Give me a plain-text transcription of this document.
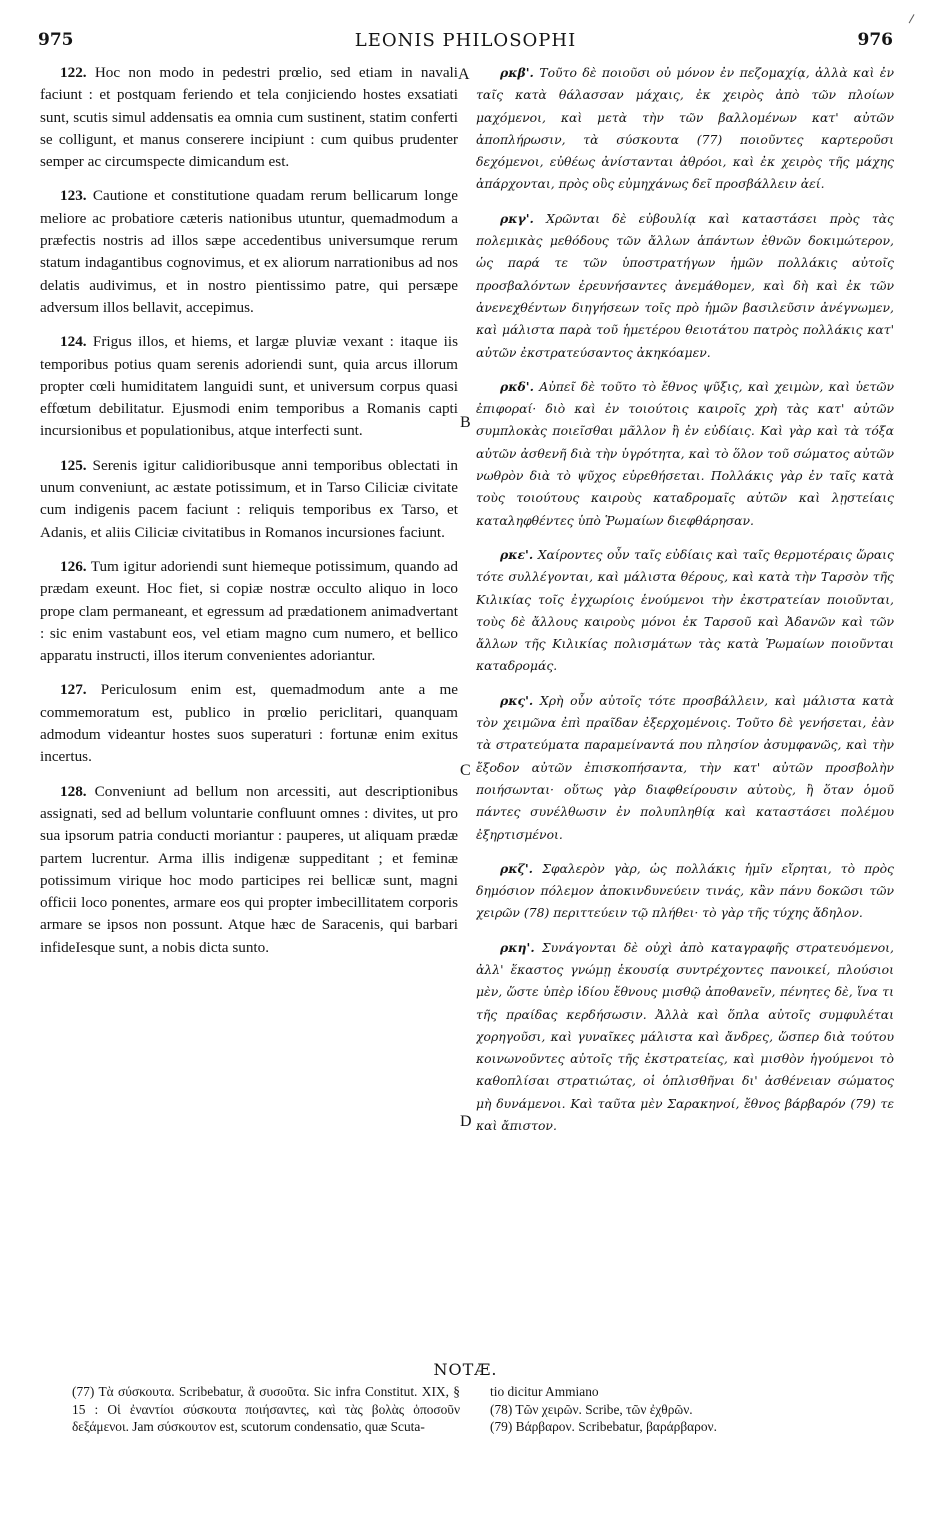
975	LEONIS PHILOSOPHI	976

122. Hoc non modo in pedestri prœlio, sed etiam in navali faciunt : et postquam feriendo et tela conjiciendo hostes exsatiati sunt, scutis simul addensatis ea omnia cum sustinent, statim conferti se colligunt, et manus conserere incipiunt : cum quibus prudenter semper ac circumspecte dimicandum est.

123. Cautione et constitutione quadam rerum bellicarum longe meliore ac probatiore cæteris nationibus utuntur, quemadmodum a præfectis nostris ad illos sæpe accedentibus universumque rerum statum indagantibus cognovimus, et ex aliorum narrationibus ad nos delatis audivimus, et in nostro pientissimo patre, qui persæpe adversum illos bellavit, accepimus.

124. Frigus illos, et hiems, et largæ pluviæ vexant : itaque iis temporibus potius quam serenis adoriendi sunt, quia arcus illorum propter cœli humiditatem languidi sunt, et universum corpus quasi effœtum debilitatur. Ejusmodi enim temporibus a Romanis capti incursionibus et populationibus, atque interfecti sunt.

125. Serenis igitur calidioribusque anni temporibus oblectati in unum conveniunt, ac æstate potissimum, et in Tarso Ciliciæ civitate cum indigenis pacem faciunt : reliquis temporibus ex Tarso, et Adanis, et aliis Ciliciæ civitatibus in Romanos incursiones faciunt.

126. Tum igitur adoriendi sunt hiemeque potissimum, quando ad prædam exeunt. Hoc fiet, si copiæ nostræ occulto aliquo in loco prope clam permaneant, et egressum ad prædationem animadvertant : sic enim vastabunt eos, vel etiam magno cum numero, et bellico apparatu instructi, illos iterum convenientes adoriantur.

127. Periculosum enim est, quemadmodum ante a me commemoratum est, publico in prœlio periclitari, quanquam admodum videantur hostes suos superaturi : fortunæ enim exitus incertus.

128. Conveniunt ad bellum non arcessiti, aut descriptionibus assignati, sed ad bellum voluntarie confluunt omnes : divites, ut pro sua ipsorum patria conducti moriantur : pauperes, ut aliquam prædæ partem lucrentur. Arma illis indigenæ suppeditant ; et feminæ potissimum virique hoc modo participes rei bellicæ sunt, magni officii loco ponentes, armare eos qui propter imbecillitatem corporis armare se ipsos non possunt. Atque hæc de Saracenis, qui barbari infideIesque sunt, a nobis dicta sunto.

ρκβ'. Τοῦτο δὲ ποιοῦσι οὐ μόνον ἐν πεζομαχίᾳ, ἀλλὰ καὶ ἐν ταῖς κατὰ θάλασσαν μάχαις, ἐκ χειρὸς ἀπὸ τῶν πλοίων μαχόμενοι, καὶ μετὰ τὴν τῶν βαλλομένων κατ' αὐτῶν ἀποπλήρωσιν, τὰ σύσκουτα (77) ποιοῦντες καρτεροῦσι δεχόμενοι, εὐθέως ἀνίστανται ἀθρόοι, καὶ ἐκ χειρὸς τῆς μάχης ἀπάρχονται, πρὸς οὓς εὐμηχάνως δεῖ προσβάλλειν ἀεί.

ρκγ'. Χρῶνται δὲ εὐβουλίᾳ καὶ καταστάσει πρὸς τὰς πολεμικὰς μεθόδους τῶν ἄλλων ἁπάντων ἐθνῶν δοκιμώτερον, ὡς παρά τε τῶν ὑποστρατήγων ἡμῶν πολλάκις αὐτοῖς προσβαλόντων ἐρευνήσαντες ἀνεμάθομεν, καὶ δὴ καὶ ἐκ τῶν ἀνενεχθέντων διηγήσεων τοῖς πρὸ ἡμῶν βασιλεῦσιν ἀνέγνωμεν, καὶ μάλιστα παρὰ τοῦ ἡμετέρου θειοτάτου πατρὸς πολλάκις κατ' αὐτῶν ἐκστρατεύσαντος ἀκηκόαμεν.

ρκδ'. Αὐπεῖ δὲ τοῦτο τὸ ἔθνος ψῦξις, καὶ χειμὼν, καὶ ὑετῶν ἐπιφοραί· διὸ καὶ ἐν τοιούτοις καιροῖς χρὴ τὰς κατ' αὐτῶν συμπλοκὰς ποιεῖσθαι μᾶλλον ἢ ἐν εὐδίαις. Καὶ γὰρ καὶ τὰ τόξα αὐτῶν ἀσθενῆ διὰ τὴν ὑγρότητα, καὶ τὸ ὅλον τοῦ σώματος αὐτῶν νωθρὸν διὰ τὸ ψῦχος εὑρεθήσεται. Πολλάκις γὰρ ἐν ταῖς κατὰ τοὺς τοιούτους καιροὺς καταδρομαῖς αὐτῶν καὶ λῃστείαις καταληφθέντες ὑπὸ Ῥωμαίων διεφθάρησαν.

ρκε'. Χαίροντες οὖν ταῖς εὐδίαις καὶ ταῖς θερμοτέραις ὥραις τότε συλλέγονται, καὶ μάλιστα θέρους, καὶ κατὰ τὴν Ταρσὸν τῆς Κιλικίας τοῖς ἐγχωρίοις ἑνούμενοι τὴν ἐκστρατείαν ποιοῦνται, τοὺς δὲ ἄλλους καιροὺς μόνοι ἐκ Ταρσοῦ καὶ Ἀδανῶν καὶ τῶν ἄλλων τῆς Κιλικίας πολισμάτων τὰς κατὰ Ῥωμαίων ποιοῦνται καταδρομάς.

ρκς'. Χρὴ οὖν αὐτοῖς τότε προσβάλλειν, καὶ μάλιστα κατὰ τὸν χειμῶνα ἐπὶ πραῖδαν ἐξερχομένοις. Τοῦτο δὲ γενήσεται, ἐὰν τὰ στρατεύματα παραμείναντά που πλησίον ἀσυμφανῶς, καὶ τὴν ἔξοδον αὐτῶν ἐπισκοπήσαντα, τὴν κατ' αὐτῶν προσβολὴν ποιήσωνται· οὕτως γὰρ διαφθείρουσιν αὐτοὺς, ἢ ὅταν ὁμοῦ πάντες συνέλθωσιν ἐν πολυπληθίᾳ καὶ καταστάσει πολέμου ἐξηρτισμένοι.

ρκζ'. Σφαλερὸν γὰρ, ὡς πολλάκις ἡμῖν εἴρηται, τὸ πρὸς δημόσιον πόλεμον ἀποκινδυνεύειν τινάς, κἂν πάνυ δοκῶσι τῶν χειρῶν (78) περιττεύειν τῷ πλήθει· τὸ γὰρ τῆς τύχης ἄδηλον.

ρκη'. Συνάγονται δὲ οὐχὶ ἀπὸ καταγραφῆς στρατευόμενοι, ἀλλ' ἕκαστος γνώμῃ ἑκουσίᾳ συντρέχοντες πανοικεί, πλούσιοι μὲν, ὥστε ὑπὲρ ἰδίου ἔθνους μισθῷ ἀποθανεῖν, πένητες δὲ, ἵνα τι τῆς πραίδας κερδήσωσιν. Ἀλλὰ καὶ ὅπλα αὐτοῖς συμφυλέται χορηγοῦσι, καὶ γυναῖκες μάλιστα καὶ ἄνδρες, ὥσπερ διὰ τούτου κοινωνοῦντες αὐτοῖς τῆς ἐκστρατείας, καὶ μισθὸν ἡγούμενοι τὸ καθοπλίσαι στρατιώτας, οἱ ὁπλισθῆναι δι' ἀσθένειαν σώματος μὴ δυνάμενοι. Καὶ ταῦτα μὲν Σαρακηνοί, ἔθνος βάρβαρόν (79) τε καὶ ἄπιστον.

A
B
C
D
NOTÆ.
(77) Τὰ σύσκουτα. Scribebatur, ἃ συσοῦτα. Sic infra Constitut. XIX, § 15 : Οἱ ἐναντίοι σύσκουτα ποιήσαντες, καὶ τὰς βολὰς ὁποσοῦν δεξάμενοι. Jam σύσκουτον est, scutorum condensatio, quæ Scuta-
tio dicitur Ammiano
(78) Τῶν χειρῶν. Scribe, τῶν ἐχθρῶν.
(79) Βάρβαρον. Scribebatur, βαράρβαρον.
